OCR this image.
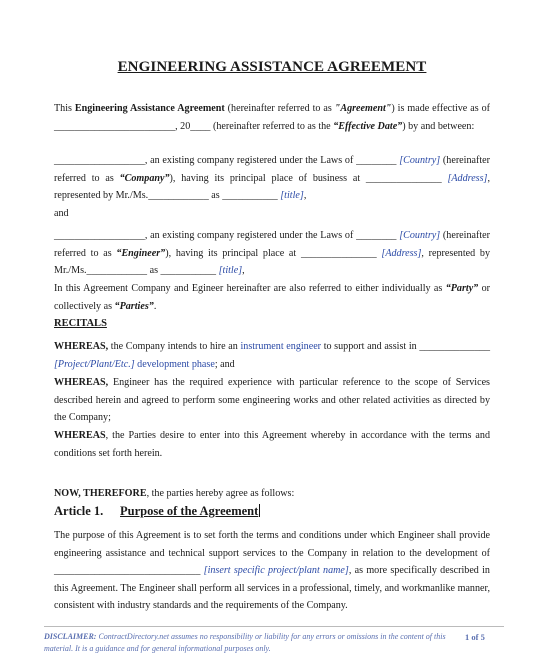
ENGINEERING ASSISTANCE AGREEMENT

This Engineering Assistance Agreement (hereinafter referred to as "Agreement") is made effective as of ________________________, 20____ (hereinafter referred to as the “Effective Date”) by and between:

__________________, an existing company registered under the Laws of ________ [Country] (hereinafter referred to as “Company”), having its principal place of business at _______________ [Address], represented by Mr./Ms.____________ as ___________ [title],

and

__________________, an existing company registered under the Laws of ________ [Country] (hereinafter referred to as “Engineer”), having its principal place at _______________ [Address], represented by Mr./Ms.____________ as ___________ [title],

In this Agreement Company and Egineer hereinafter are also referred to either individually as “Party” or collectively as “Parties”.

RECITALS

WHEREAS, the Company intends to hire an instrument engineer to support and assist in ______________ [Project/Plant/Etc.] development phase; and

WHEREAS, Engineer has the required experience with particular reference to the scope of Services described herein and agreed to perform some engineering works and other related activities as directed by the Company;

WHEREAS, the Parties desire to enter into this Agreement whereby in accordance with the terms and conditions set forth herein.

NOW, THEREFORE, the parties hereby agree as follows:

Article 1. Purpose of the Agreement

The purpose of this Agreement is to set forth the terms and conditions under which Engineer shall provide engineering assistance and technical support services to the Company in relation to the development of _____________________________ [insert specific project/plant name], as more specifically described in this Agreement. The Engineer shall perform all services in a professional, timely, and workmanlike manner, consistent with industry standards and the requirements of the Company.

DISCLAIMER: ContractDirectory.net assumes no responsibility or liability for any errors or omissions in the content of this material. It is a guidance and for general informational purposes only.
1 of 5
